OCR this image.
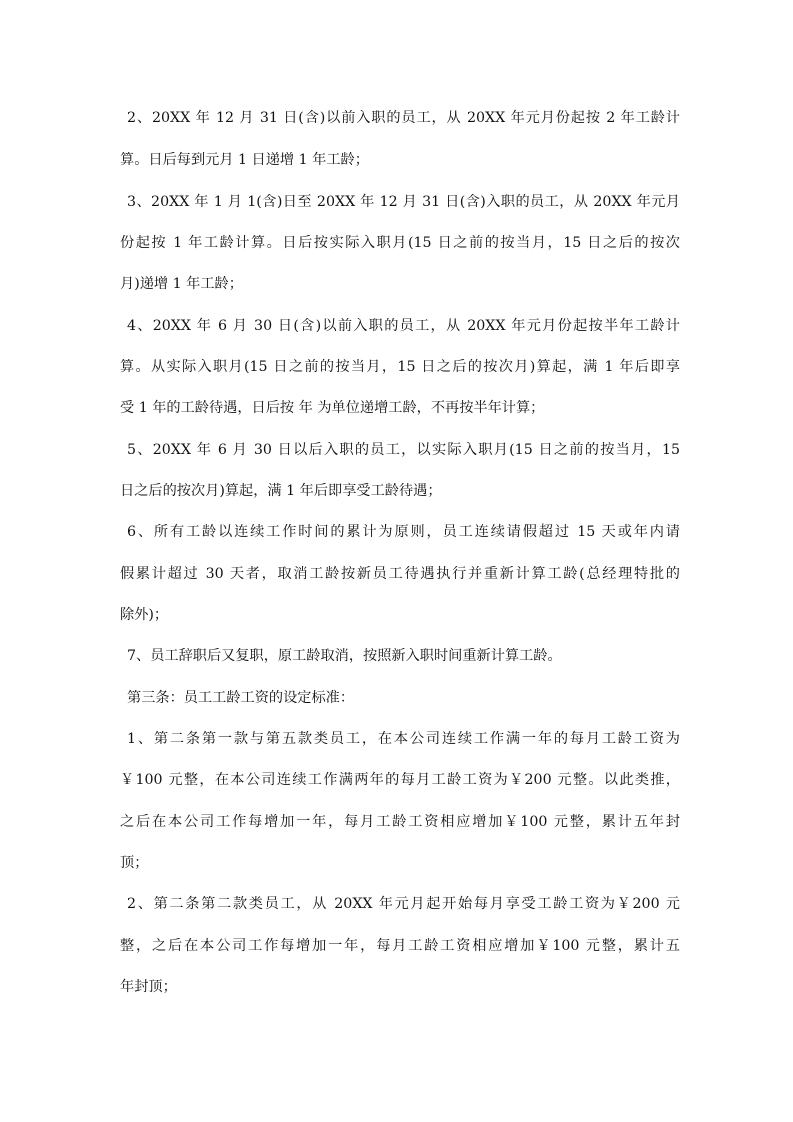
2、20XX 年 12 月 31 日(含)以前入职的员工，从 20XX 年元月份起按 2 年工龄计
算。日后每到元月 1 日递增 1 年工龄；
3、20XX 年 1 月 1(含)日至 20XX 年 12 月 31 日(含)入职的员工，从 20XX 年元月
份起按 1 年工龄计算。日后按实际入职月(15 日之前的按当月，15 日之后的按次
月)递增 1 年工龄；
4、20XX 年 6 月 30 日(含)以前入职的员工，从 20XX 年元月份起按半年工龄计
算。从实际入职月(15 日之前的按当月，15 日之后的按次月)算起，满 1 年后即享
受 1 年的工龄待遇，日后按 年 为单位递增工龄，不再按半年计算；
5、20XX 年 6 月 30 日以后入职的员工，以实际入职月(15 日之前的按当月，15
日之后的按次月)算起，满 1 年后即享受工龄待遇；
6、所有工龄以连续工作时间的累计为原则，员工连续请假超过 15 天或年内请
假累计超过 30 天者，取消工龄按新员工待遇执行并重新计算工龄(总经理特批的
除外)；
7、员工辞职后又复职，原工龄取消，按照新入职时间重新计算工龄。
第三条：员工工龄工资的设定标准：
1、第二条第一款与第五款类员工，在本公司连续工作满一年的每月工龄工资为
￥100 元整，在本公司连续工作满两年的每月工龄工资为￥200 元整。以此类推，
之后在本公司工作每增加一年，每月工龄工资相应增加￥100 元整，累计五年封
顶；
2、第二条第二款类员工，从 20XX 年元月起开始每月享受工龄工资为￥200 元
整，之后在本公司工作每增加一年，每月工龄工资相应增加￥100 元整，累计五
年封顶；
